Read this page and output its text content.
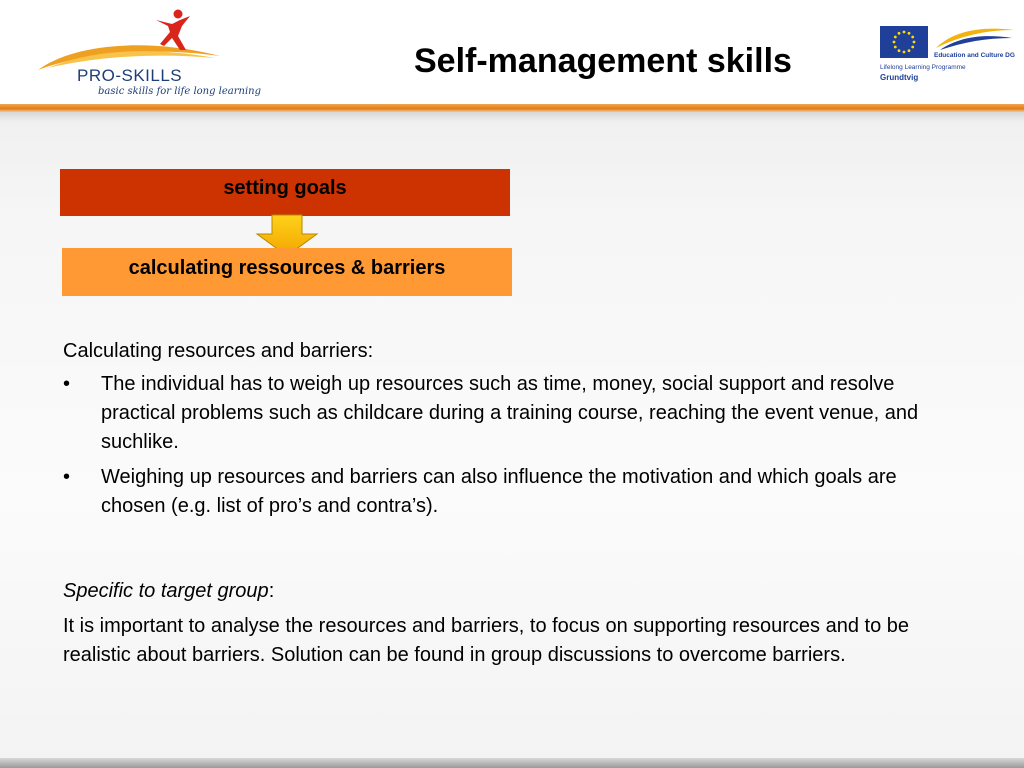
PRO-SKILLS
basic skills for life long learning
Self-management skills	Education and Culture DG
Lifelong Learning Programme
Grundtvig
setting goals
calculating ressources & barriers

Calculating resources and barriers:

• The individual has to weigh up resources such as time, money, social support and resolve practical problems such as childcare during a training course, reaching the event venue, and suchlike.
• Weighing up resources and barriers can also influence the motivation and which goals are chosen (e.g. list of pro’s and contra’s).

Specific to target group:

It is important to analyse the resources and barriers, to focus on supporting resources and to be realistic about barriers. Solution can be found in group discussions to overcome barriers.
